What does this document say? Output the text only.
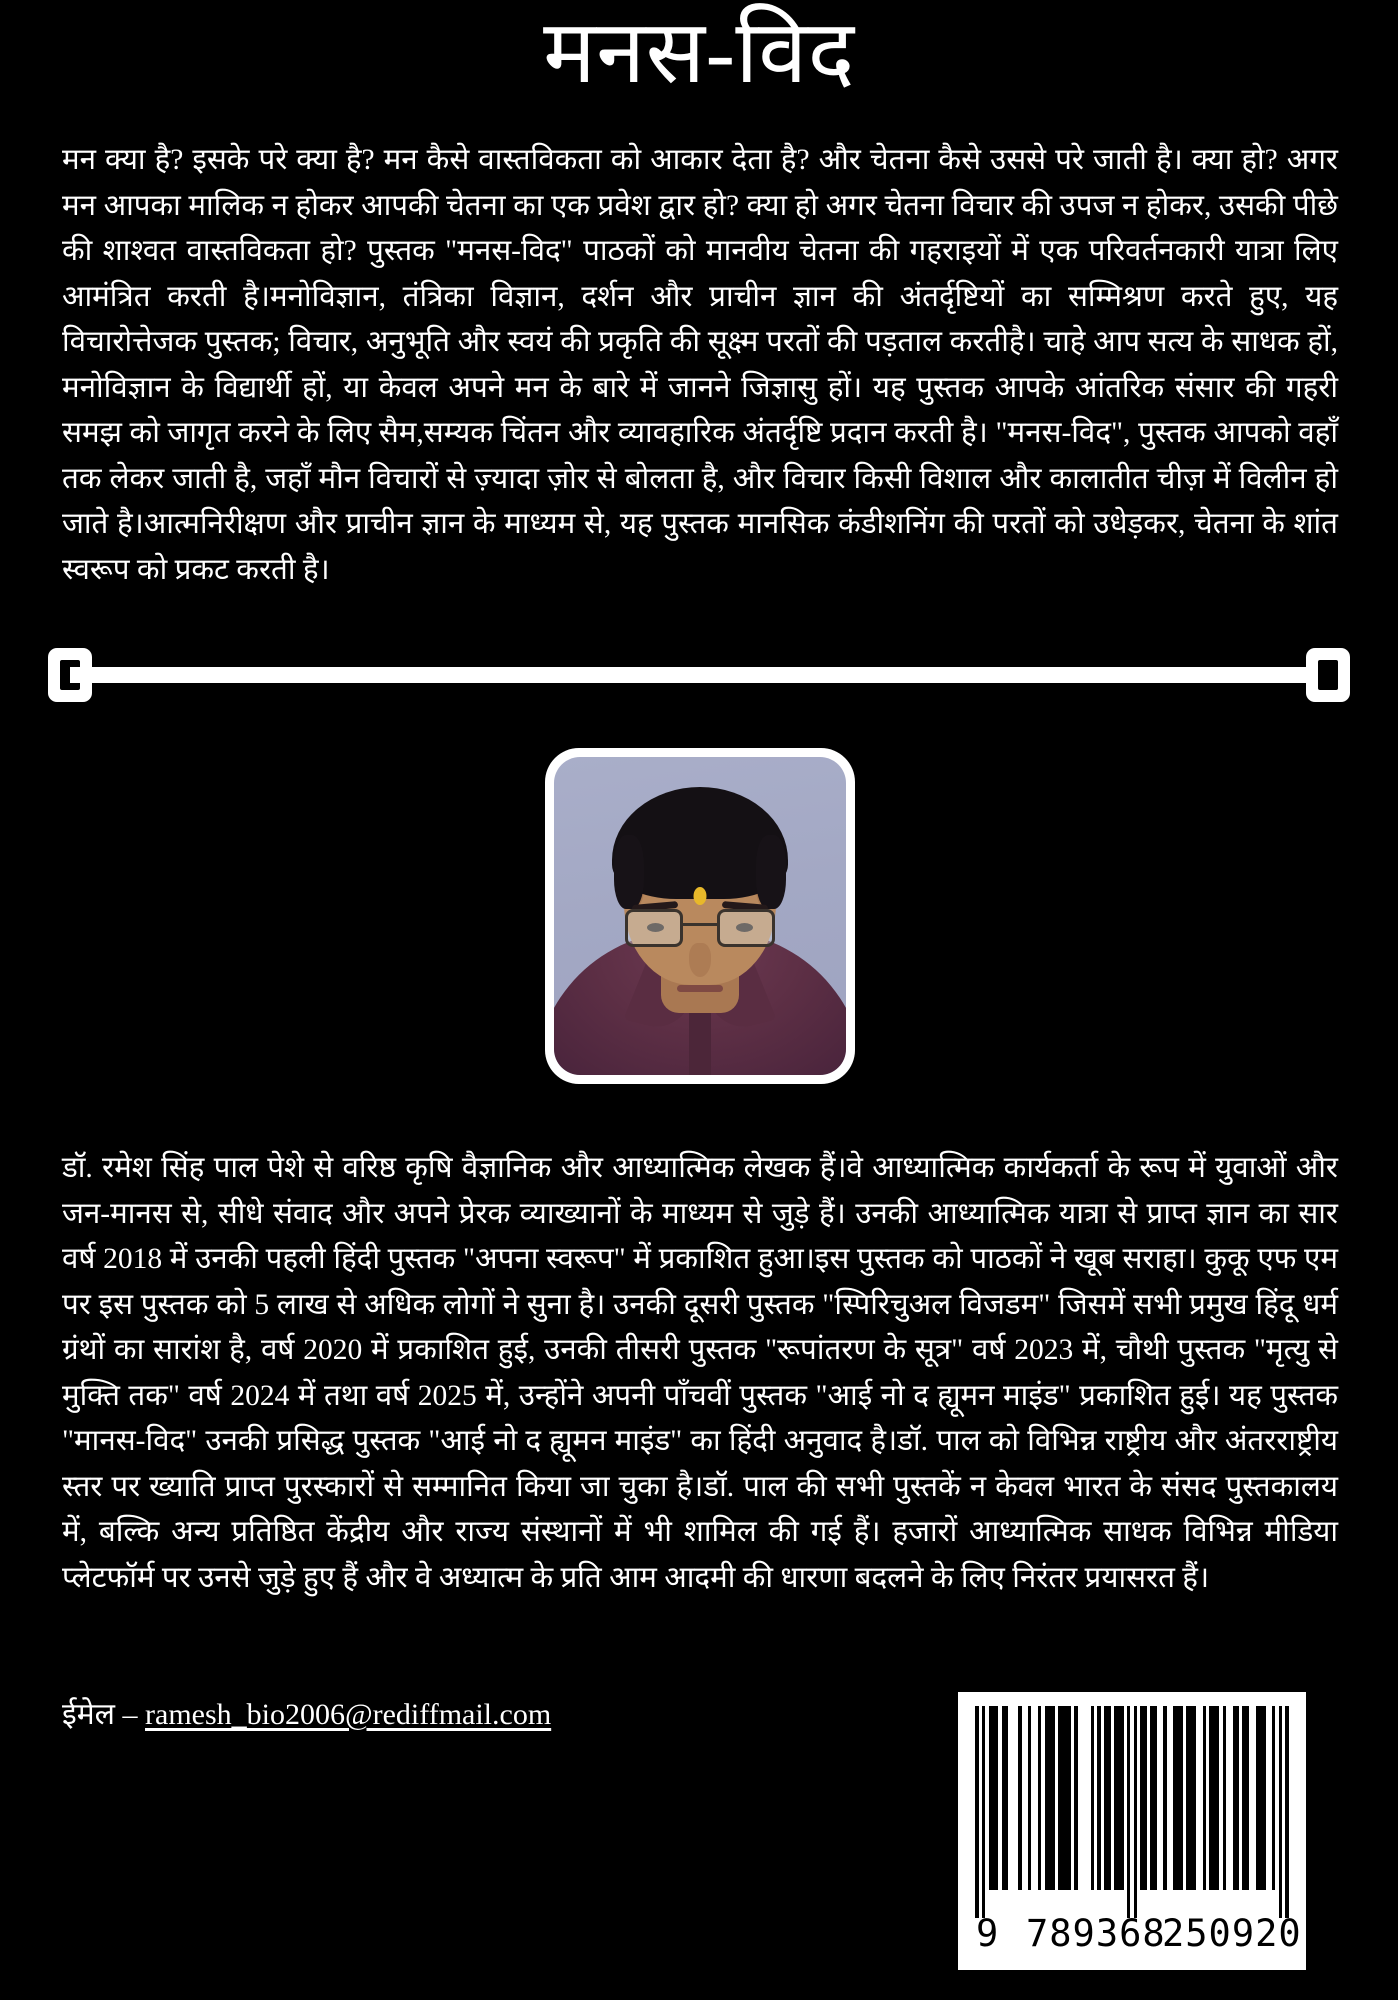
मनस-विद
मन क्या है? इसके परे क्या है? मन कैसे वास्तविकता को आकार देता है? और चेतना कैसे उससे परे जाती है। क्या हो? अगर मन आपका मालिक न होकर आपकी चेतना का एक प्रवेश द्वार हो? क्या हो अगर चेतना विचार की उपज न होकर, उसकी पीछे की शाश्वत वास्तविकता हो? पुस्तक "मनस-विद" पाठकों को मानवीय चेतना की गहराइयों में एक परिवर्तनकारी यात्रा लिए आमंत्रित करती है।मनोविज्ञान, तंत्रिका विज्ञान, दर्शन और प्राचीन ज्ञान की अंतर्दृष्टियों का सम्मिश्रण करते हुए, यह विचारोत्तेजक पुस्तक; विचार, अनुभूति और स्वयं की प्रकृति की सूक्ष्म परतों की पड़ताल करतीहै। चाहे आप सत्य के साधक हों, मनोविज्ञान के विद्यार्थी हों, या केवल अपने मन के बारे में जानने जिज्ञासु हों। यह पुस्तक आपके आंतरिक संसार की गहरी समझ को जागृत करने के लिए सैम,सम्यक चिंतन और व्यावहारिक अंतर्दृष्टि प्रदान करती है। "मनस-विद", पुस्तक आपको वहाँ तक लेकर जाती है, जहाँ मौन विचारों से ज़्यादा ज़ोर से बोलता है, और विचार किसी विशाल और कालातीत चीज़ में विलीन हो जाते है।आत्मनिरीक्षण और प्राचीन ज्ञान के माध्यम से, यह पुस्तक मानसिक कंडीशनिंग की परतों को उधेड़कर, चेतना के शांत स्वरूप को प्रकट करती है।
डॉ. रमेश सिंह पाल पेशे से वरिष्ठ कृषि वैज्ञानिक और आध्यात्मिक लेखक हैं।वे आध्यात्मिक कार्यकर्ता के रूप में युवाओं और जन-मानस से, सीधे संवाद और अपने प्रेरक व्याख्यानों के माध्यम से जुड़े हैं। उनकी आध्यात्मिक यात्रा से प्राप्त ज्ञान का सार वर्ष 2018 में उनकी पहली हिंदी पुस्तक "अपना स्वरूप" में प्रकाशित हुआ।इस पुस्तक को पाठकों ने खूब सराहा। कुकू एफ एम पर इस पुस्तक को 5 लाख से अधिक लोगों ने सुना है। उनकी दूसरी पुस्तक "स्पिरिचुअल विजडम" जिसमें सभी प्रमुख हिंदू धर्म ग्रंथों का सारांश है, वर्ष 2020 में प्रकाशित हुई, उनकी तीसरी पुस्तक "रूपांतरण के सूत्र" वर्ष 2023 में, चौथी पुस्तक "मृत्यु से मुक्ति तक" वर्ष 2024 में तथा वर्ष 2025 में, उन्होंने अपनी पाँचवीं पुस्तक "आई नो द ह्यूमन माइंड" प्रकाशित हुई। यह पुस्तक "मानस-विद" उनकी प्रसिद्ध पुस्तक "आई नो द ह्यूमन माइंड" का हिंदी अनुवाद है।डॉ. पाल को विभिन्न राष्ट्रीय और अंतरराष्ट्रीय स्तर पर ख्याति प्राप्त पुरस्कारों से सम्मानित किया जा चुका है।डॉ. पाल की सभी पुस्तकें न केवल भारत के संसद पुस्तकालय में, बल्कि अन्य प्रतिष्ठित केंद्रीय और राज्य संस्थानों में भी शामिल की गई हैं। हजारों आध्यात्मिक साधक विभिन्न मीडिया प्लेटफॉर्म पर उनसे जुड़े हुए हैं और वे अध्यात्म के प्रति आम आदमी की धारणा बदलने के लिए निरंतर प्रयासरत हैं।
ईमेल – ramesh_bio2006@rediffmail.com
9 789368
250920
